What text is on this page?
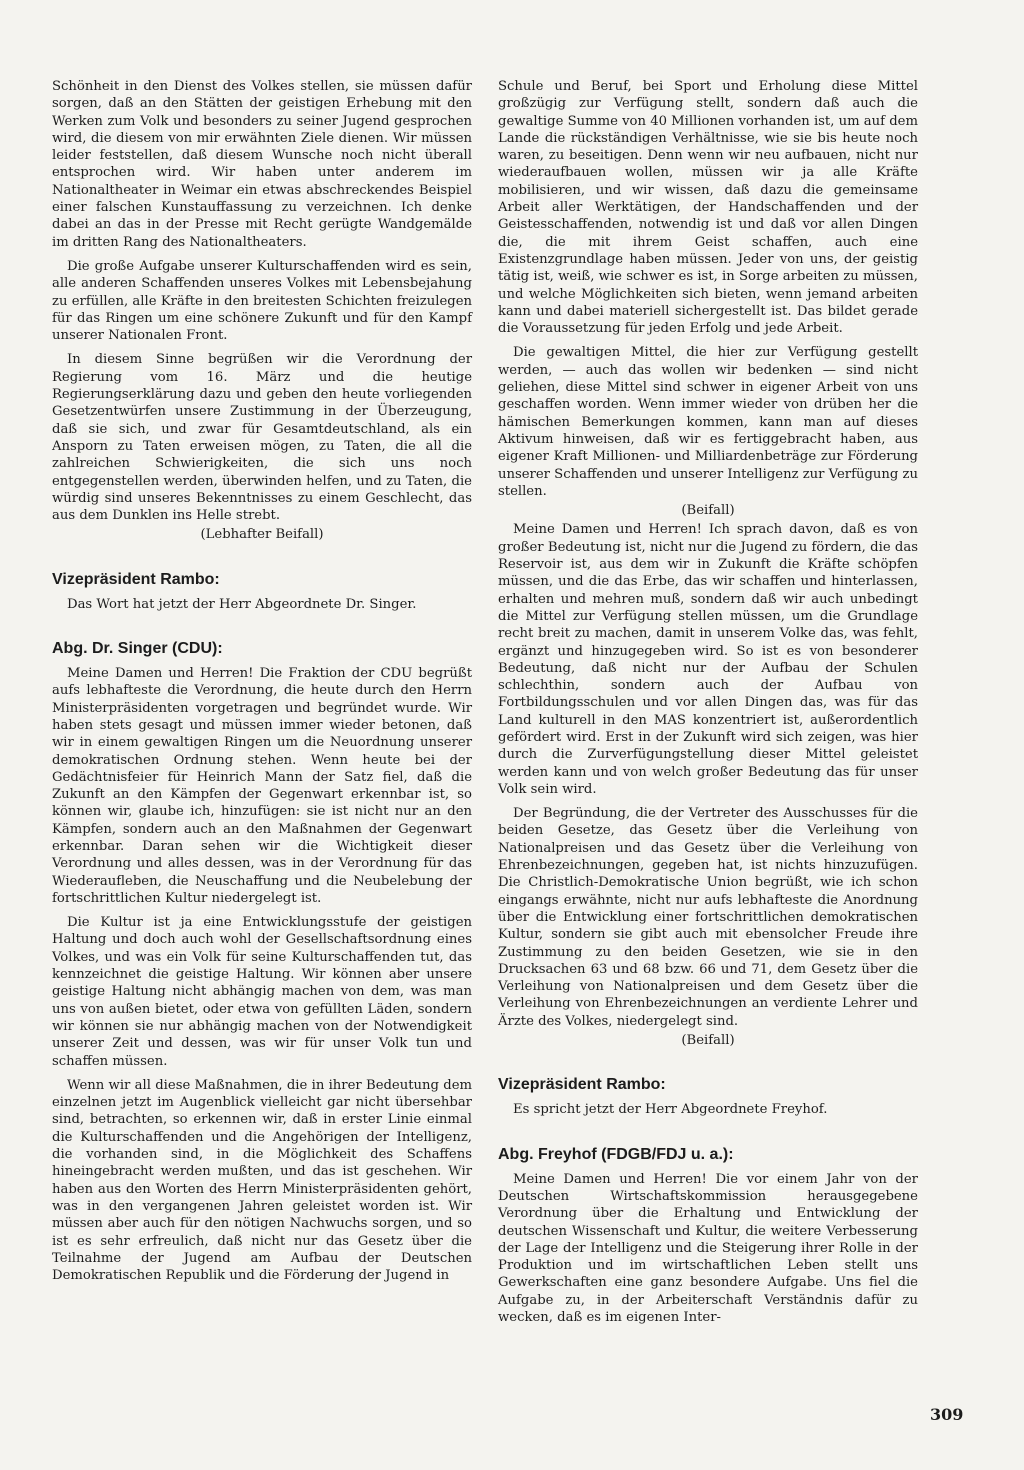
Schönheit in den Dienst des Volkes stellen, sie müssen dafür sorgen, daß an den Stätten der geistigen Erhebung mit den Werken zum Volk und besonders zu seiner Jugend gesprochen wird, die diesem von mir erwähnten Ziele dienen. Wir müssen leider feststellen, daß diesem Wunsche noch nicht überall entsprochen wird. Wir haben unter anderem im Nationaltheater in Weimar ein etwas abschreckendes Beispiel einer falschen Kunstauffassung zu verzeichnen. Ich denke dabei an das in der Presse mit Recht gerügte Wandgemälde im dritten Rang des Nationaltheaters.

Die große Aufgabe unserer Kulturschaffenden wird es sein, alle anderen Schaffenden unseres Volkes mit Lebensbejahung zu erfüllen, alle Kräfte in den breitesten Schichten freizulegen für das Ringen um eine schönere Zukunft und für den Kampf unserer Nationalen Front.

In diesem Sinne begrüßen wir die Verordnung der Regierung vom 16. März und die heutige Regierungserklärung dazu und geben den heute vorliegenden Gesetzentwürfen unsere Zustimmung in der Überzeugung, daß sie sich, und zwar für Gesamtdeutschland, als ein Ansporn zu Taten erweisen mögen, zu Taten, die all die zahlreichen Schwierigkeiten, die sich uns noch entgegenstellen werden, überwinden helfen, und zu Taten, die würdig sind unseres Bekenntnisses zu einem Geschlecht, das aus dem Dunklen ins Helle strebt.

(Lebhafter Beifall)

Vizepräsident Rambo:

Das Wort hat jetzt der Herr Abgeordnete Dr. Singer.

Abg. Dr. Singer (CDU):

Meine Damen und Herren! Die Fraktion der CDU begrüßt aufs lebhafteste die Verordnung, die heute durch den Herrn Ministerpräsidenten vorgetragen und begründet wurde. Wir haben stets gesagt und müssen immer wieder betonen, daß wir in einem gewaltigen Ringen um die Neuordnung unserer demokratischen Ordnung stehen. Wenn heute bei der Gedächtnisfeier für Heinrich Mann der Satz fiel, daß die Zukunft an den Kämpfen der Gegenwart erkennbar ist, so können wir, glaube ich, hinzufügen: sie ist nicht nur an den Kämpfen, sondern auch an den Maßnahmen der Gegenwart erkennbar. Daran sehen wir die Wichtigkeit dieser Verordnung und alles dessen, was in der Verordnung für das Wiederaufleben, die Neuschaffung und die Neubelebung der fortschrittlichen Kultur niedergelegt ist.

Die Kultur ist ja eine Entwicklungsstufe der geistigen Haltung und doch auch wohl der Gesellschaftsordnung eines Volkes, und was ein Volk für seine Kulturschaffenden tut, das kennzeichnet die geistige Haltung. Wir können aber unsere geistige Haltung nicht abhängig machen von dem, was man uns von außen bietet, oder etwa von gefüllten Läden, sondern wir können sie nur abhängig machen von der Notwendigkeit unserer Zeit und dessen, was wir für unser Volk tun und schaffen müssen.

Wenn wir all diese Maßnahmen, die in ihrer Bedeutung dem einzelnen jetzt im Augenblick vielleicht gar nicht übersehbar sind, betrachten, so erkennen wir, daß in erster Linie einmal die Kulturschaffenden und die Angehörigen der Intelligenz, die vorhanden sind, in die Möglichkeit des Schaffens hineingebracht werden mußten, und das ist geschehen. Wir haben aus den Worten des Herrn Ministerpräsidenten gehört, was in den vergangenen Jahren geleistet worden ist. Wir müssen aber auch für den nötigen Nachwuchs sorgen, und so ist es sehr erfreulich, daß nicht nur das Gesetz über die Teilnahme der Jugend am Aufbau der Deutschen Demokratischen Republik und die Förderung der Jugend in

Schule und Beruf, bei Sport und Erholung diese Mittel großzügig zur Verfügung stellt, sondern daß auch die gewaltige Summe von 40 Millionen vorhanden ist, um auf dem Lande die rückständigen Verhältnisse, wie sie bis heute noch waren, zu beseitigen. Denn wenn wir neu aufbauen, nicht nur wiederaufbauen wollen, müssen wir ja alle Kräfte mobilisieren, und wir wissen, daß dazu die gemeinsame Arbeit aller Werktätigen, der Handschaffenden und der Geistesschaffenden, notwendig ist und daß vor allen Dingen die, die mit ihrem Geist schaffen, auch eine Existenzgrundlage haben müssen. Jeder von uns, der geistig tätig ist, weiß, wie schwer es ist, in Sorge arbeiten zu müssen, und welche Möglichkeiten sich bieten, wenn jemand arbeiten kann und dabei materiell sichergestellt ist. Das bildet gerade die Voraussetzung für jeden Erfolg und jede Arbeit.

Die gewaltigen Mittel, die hier zur Verfügung gestellt werden, — auch das wollen wir bedenken — sind nicht geliehen, diese Mittel sind schwer in eigener Arbeit von uns geschaffen worden. Wenn immer wieder von drüben her die hämischen Bemerkungen kommen, kann man auf dieses Aktivum hinweisen, daß wir es fertiggebracht haben, aus eigener Kraft Millionen- und Milliardenbeträge zur Förderung unserer Schaffenden und unserer Intelligenz zur Verfügung zu stellen.

(Beifall)

Meine Damen und Herren! Ich sprach davon, daß es von großer Bedeutung ist, nicht nur die Jugend zu fördern, die das Reservoir ist, aus dem wir in Zukunft die Kräfte schöpfen müssen, und die das Erbe, das wir schaffen und hinterlassen, erhalten und mehren muß, sondern daß wir auch unbedingt die Mittel zur Verfügung stellen müssen, um die Grundlage recht breit zu machen, damit in unserem Volke das, was fehlt, ergänzt und hinzugegeben wird. So ist es von besonderer Bedeutung, daß nicht nur der Aufbau der Schulen schlechthin, sondern auch der Aufbau von Fortbildungsschulen und vor allen Dingen das, was für das Land kulturell in den MAS konzentriert ist, außerordentlich gefördert wird. Erst in der Zukunft wird sich zeigen, was hier durch die Zurverfügungstellung dieser Mittel geleistet werden kann und von welch großer Bedeutung das für unser Volk sein wird.

Der Begründung, die der Vertreter des Ausschusses für die beiden Gesetze, das Gesetz über die Verleihung von Nationalpreisen und das Gesetz über die Verleihung von Ehrenbezeichnungen, gegeben hat, ist nichts hinzuzufügen. Die Christlich-Demokratische Union begrüßt, wie ich schon eingangs erwähnte, nicht nur aufs lebhafteste die Anordnung über die Entwicklung einer fortschrittlichen demokratischen Kultur, sondern sie gibt auch mit ebensolcher Freude ihre Zustimmung zu den beiden Gesetzen, wie sie in den Drucksachen 63 und 68 bzw. 66 und 71, dem Gesetz über die Verleihung von Nationalpreisen und dem Gesetz über die Verleihung von Ehrenbezeichnungen an verdiente Lehrer und Ärzte des Volkes, niedergelegt sind.

(Beifall)

Vizepräsident Rambo:

Es spricht jetzt der Herr Abgeordnete Freyhof.

Abg. Freyhof (FDGB/FDJ u. a.):

Meine Damen und Herren! Die vor einem Jahr von der Deutschen Wirtschaftskommission herausgegebene Verordnung über die Erhaltung und Entwicklung der deutschen Wissenschaft und Kultur, die weitere Verbesserung der Lage der Intelligenz und die Steigerung ihrer Rolle in der Produktion und im wirtschaftlichen Leben stellt uns Gewerkschaften eine ganz besondere Aufgabe. Uns fiel die Aufgabe zu, in der Arbeiterschaft Verständnis dafür zu wecken, daß es im eigenen Inter-

309
